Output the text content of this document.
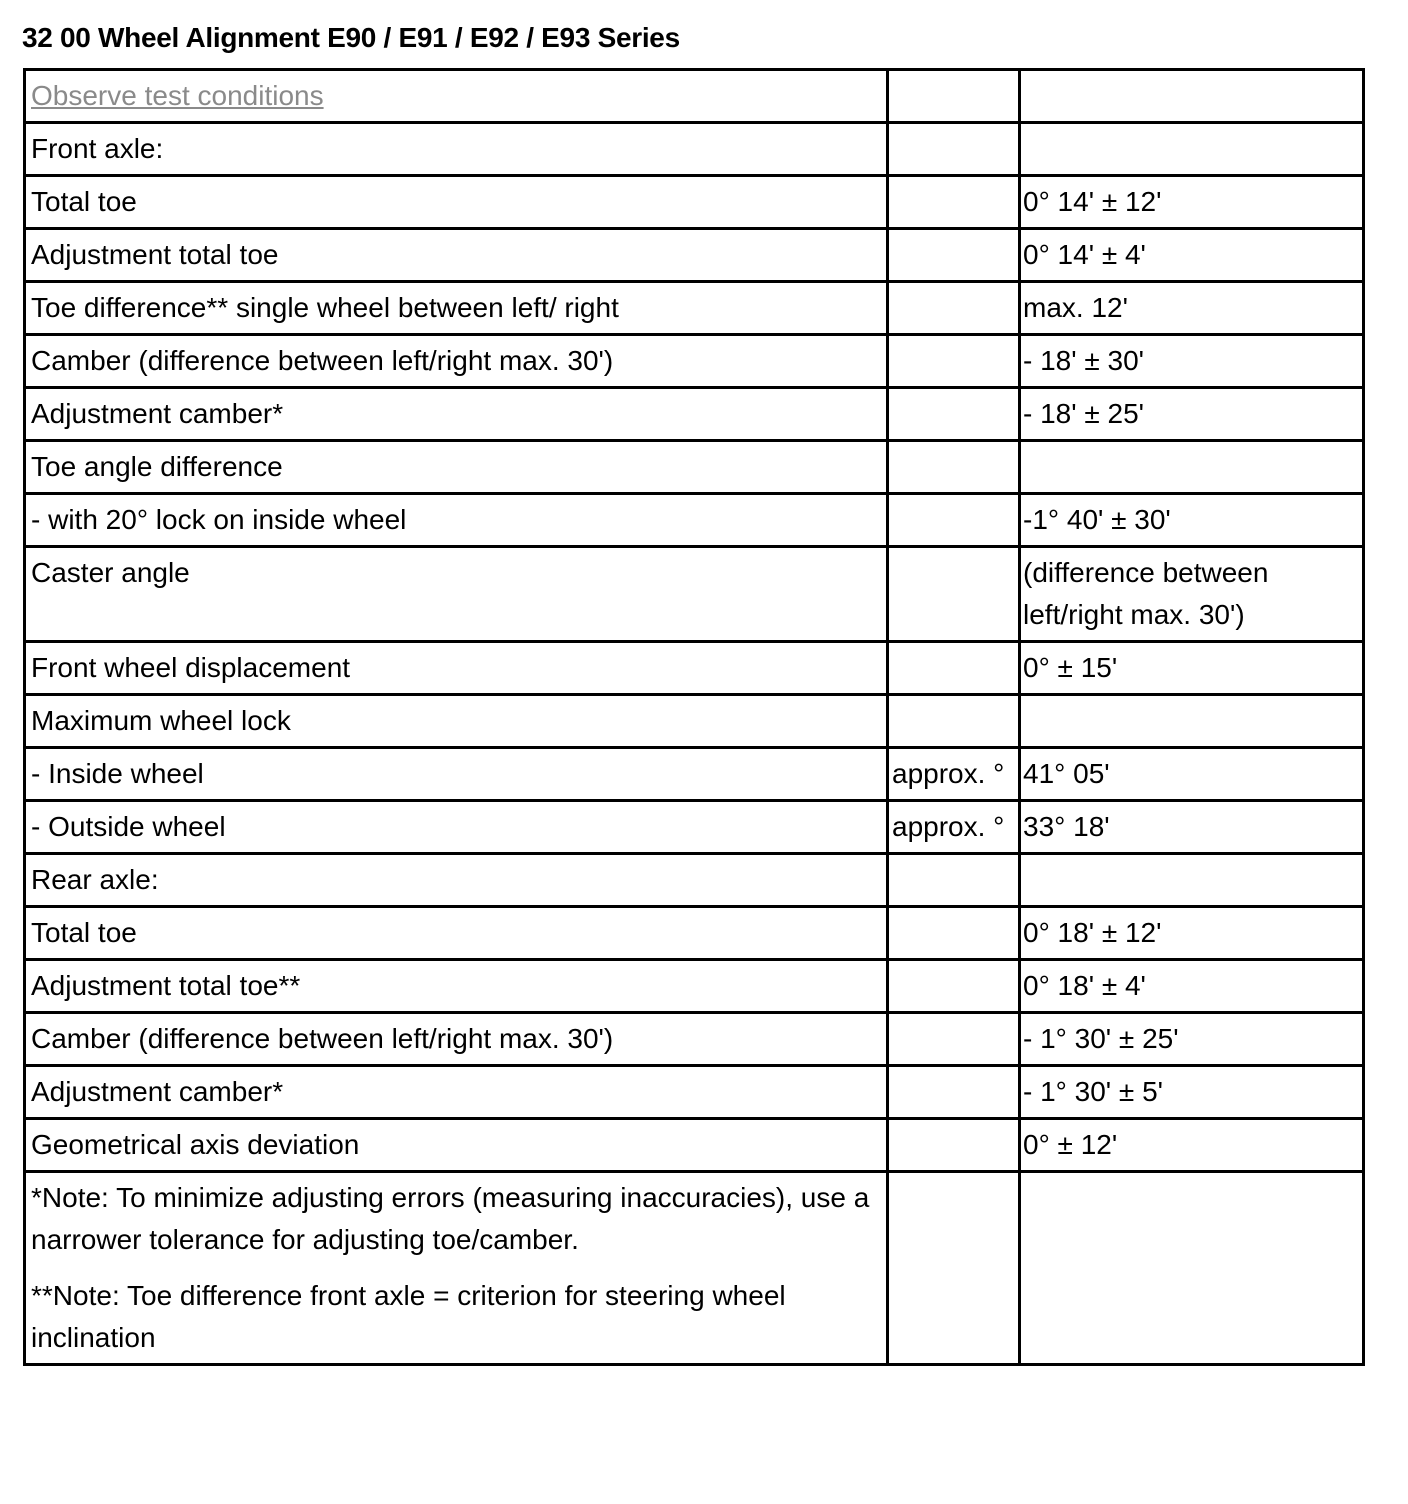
32 00 Wheel Alignment E90 / E91 / E92 / E93 Series
Observe test conditions		
Front axle:		
Total toe		0° 14' ± 12'
Adjustment total toe		0° 14' ± 4'
Toe difference** single wheel between left/ right		max. 12'
Camber (difference between left/right max. 30')		- 18' ± 30'
Adjustment camber*		- 18' ± 25'
Toe angle difference		
- with 20° lock on inside wheel		-1° 40' ± 30'
Caster angle		(difference between left/right max. 30')
Front wheel displacement		0° ± 15'
Maximum wheel lock		
- Inside wheel	approx. °	41° 05'
- Outside wheel	approx. °	33° 18'
Rear axle:		
Total toe		0° 18' ± 12'
Adjustment total toe**		0° 18' ± 4'
Camber (difference between left/right max. 30')		- 1° 30' ± 25'
Adjustment camber*		- 1° 30' ± 5'
Geometrical axis deviation		0° ± 12'

*Note: To minimize adjusting errors (measuring inaccuracies), use a narrower tolerance for adjusting toe/camber.

**Note: Toe difference front axle = criterion for steering wheel inclination		
